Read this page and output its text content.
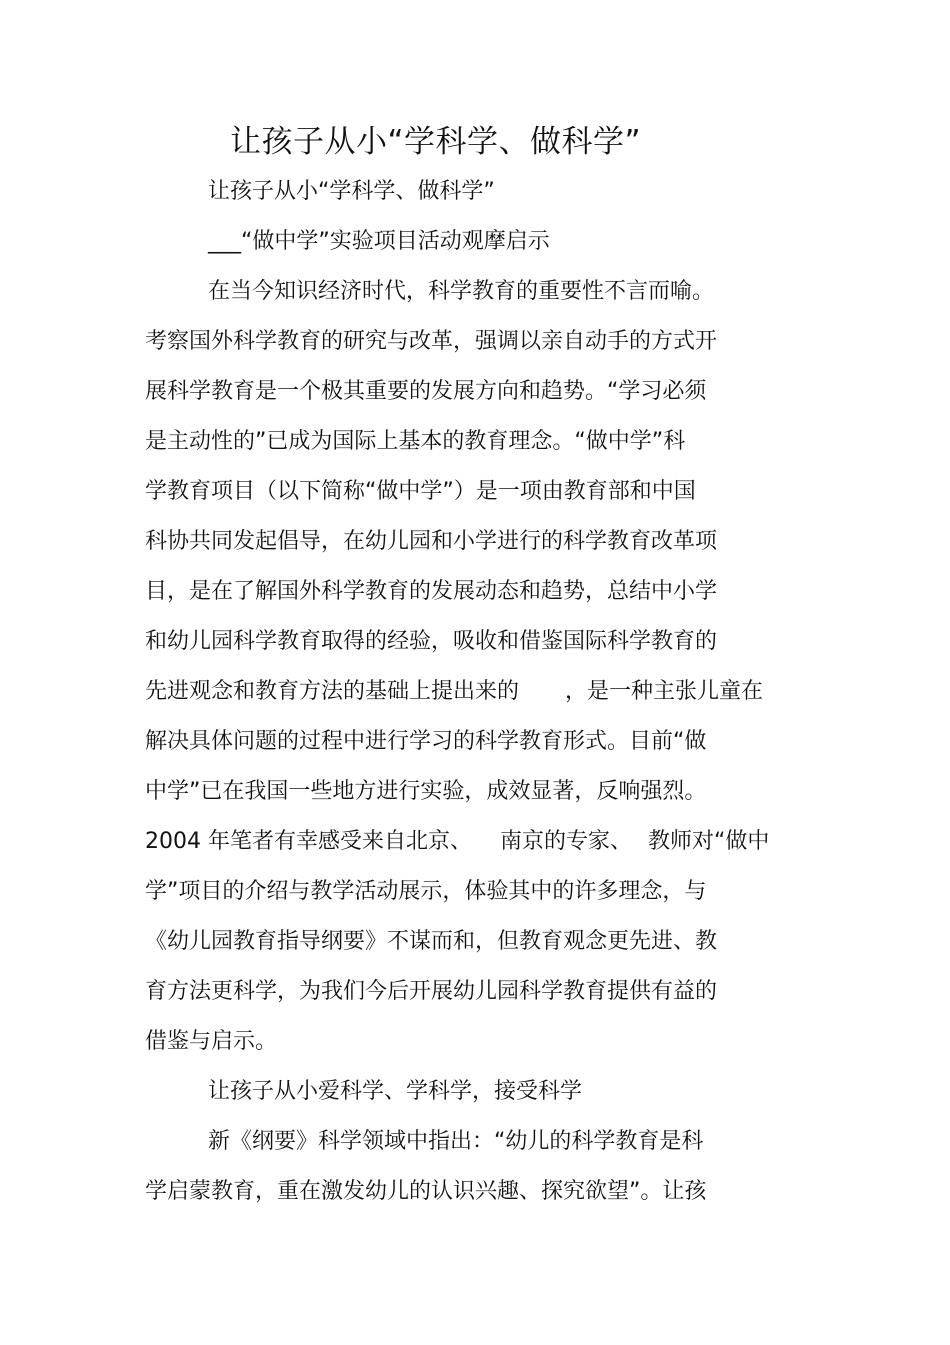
让孩子从小“学科学、做科学”
让孩子从小“学科学、做科学”
___“做中学”实验项目活动观摩启示
在当今知识经济时代，科学教育的重要性不言而喻。
考察国外科学教育的研究与改革，强调以亲自动手的方式开
展科学教育是一个极其重要的发展方向和趋势。“学习必须
是主动性的”已成为国际上基本的教育理念。“做中学”科
学教育项目（以下简称“做中学”）是一项由教育部和中国
科协共同发起倡导，在幼儿园和小学进行的科学教育改革项
目，是在了解国外科学教育的发展动态和趋势，总结中小学
和幼儿园科学教育取得的经验，吸收和借鉴国际科学教育的
先进观念和教育方法的基础上提出来的 ，是一种主张儿童在
解决具体问题的过程中进行学习的科学教育形式。目前“做
中学”已在我国一些地方进行实验，成效显著，反响强烈。
2004 年笔者有幸感受来自北京、 南京的专家、 教师对“做中
学”项目的介绍与教学活动展示，体验其中的许多理念，与
《幼儿园教育指导纲要》不谋而和，但教育观念更先进、教
育方法更科学，为我们今后开展幼儿园科学教育提供有益的
借鉴与启示。
让孩子从小爱科学、学科学，接受科学
新《纲要》科学领域中指出：“幼儿的科学教育是科
学启蒙教育，重在激发幼儿的认识兴趣、探究欲望”。让孩
